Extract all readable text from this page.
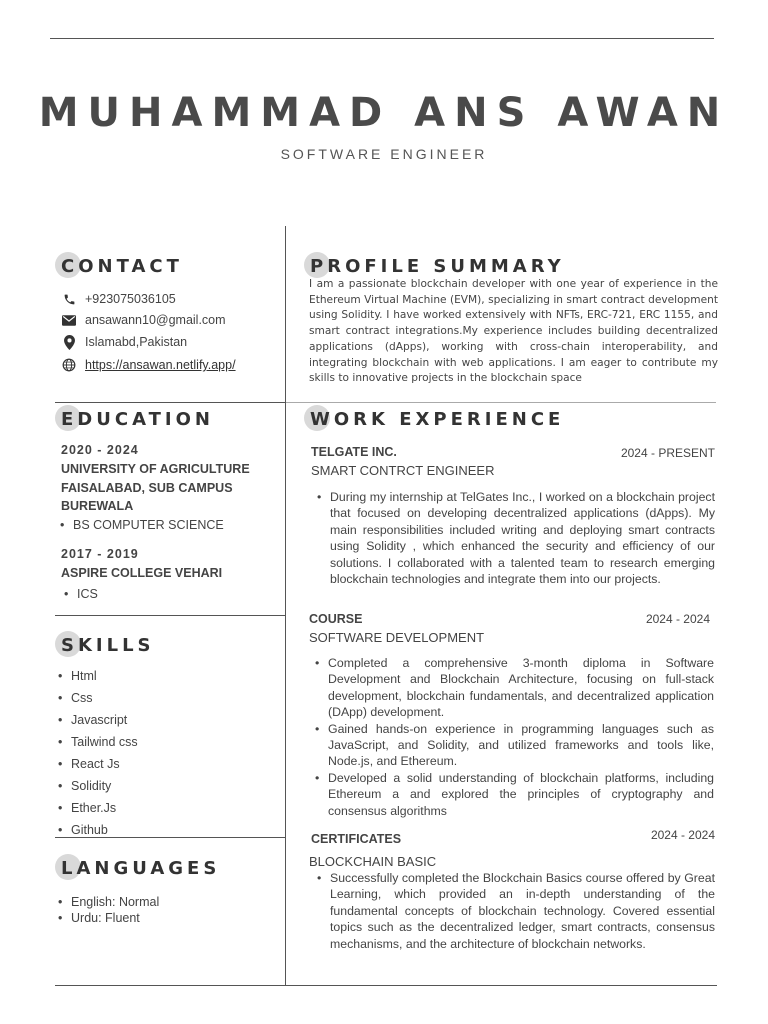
MUHAMMAD ANS AWAN
SOFTWARE ENGINEER
CONTACT
+923075036105
ansawann10@gmail.com
Islamabd,Pakistan
https://ansawan.netlify.app/
EDUCATION
2020 - 2024
UNIVERSITY OF AGRICULTURE
FAISALABAD, SUB CAMPUS
BUREWALA
• BS COMPUTER SCIENCE
2017 - 2019
ASPIRE COLLEGE VEHARI
• ICS
SKILLS
• Html
• Css
• Javascript
• Tailwind css
• React Js
• Solidity
• Ether.Js
• Github
LANGUAGES
• English: Normal
• Urdu: Fluent
PROFILE SUMMARY
I am a passionate blockchain developer with one year of experience in the Ethereum Virtual Machine (EVM), specializing in smart contract development using Solidity. I have worked extensively with NFTs, ERC-721, ERC 1155, and smart contract integrations.My experience includes building decentralized applications (dApps), working with cross-chain interoperability, and integrating blockchain with web applications. I am eager to contribute my skills to innovative projects in the blockchain space
WORK EXPERIENCE
TELGATE INC.	2024 - PRESENT
SMART CONTRCT ENGINEER
• During my internship at TelGates Inc., I worked on a blockchain project that focused on developing decentralized applications (dApps). My main responsibilities included writing and deploying smart contracts using Solidity , which enhanced the security and efficiency of our solutions. I collaborated with a talented team to research emerging blockchain technologies and integrate them into our projects.
COURSE	2024 - 2024
SOFTWARE DEVELOPMENT
• Completed a comprehensive 3-month diploma in Software Development and Blockchain Architecture, focusing on full-stack development, blockchain fundamentals, and decentralized application (DApp) development.
• Gained hands-on experience in programming languages such as JavaScript, and Solidity, and utilized frameworks and tools like, Node.js, and Ethereum.
• Developed a solid understanding of blockchain platforms, including Ethereum a and explored the principles of cryptography and consensus algorithms
CERTIFICATES	2024 - 2024
BLOCKCHAIN BASIC
• Successfully completed the Blockchain Basics course offered by Great Learning, which provided an in-depth understanding of the fundamental concepts of blockchain technology. Covered essential topics such as the decentralized ledger, smart contracts, consensus mechanisms, and the architecture of blockchain networks.
